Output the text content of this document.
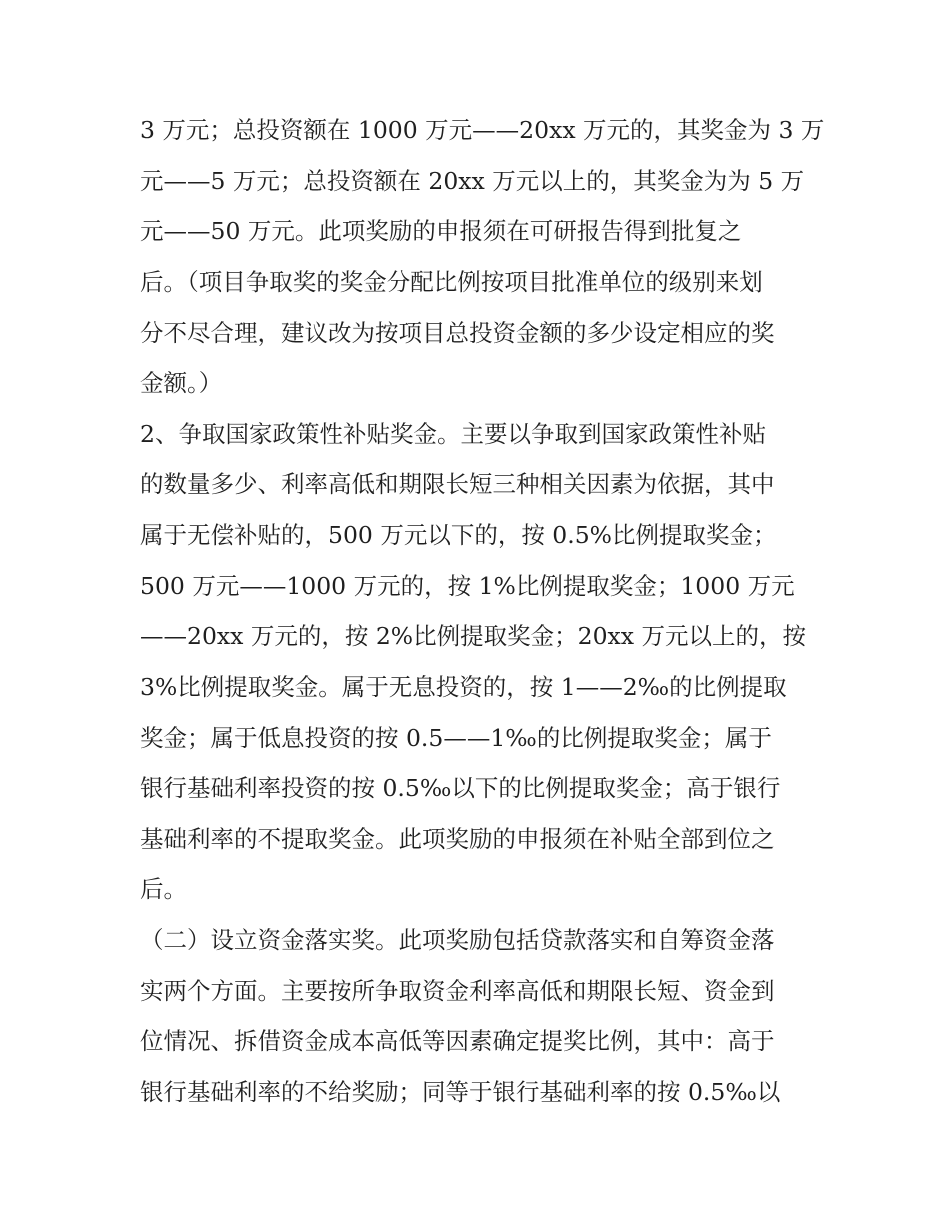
3 万元；总投资额在 1000 万元——20xx 万元的，其奖金为 3 万
元——5 万元；总投资额在 20xx 万元以上的，其奖金为为 5 万
元——50 万元。此项奖励的申报须在可研报告得到批复之
后。（项目争取奖的奖金分配比例按项目批准单位的级别来划
分不尽合理，建议改为按项目总投资金额的多少设定相应的奖
金额。）
2、争取国家政策性补贴奖金。主要以争取到国家政策性补贴
的数量多少、利率高低和期限长短三种相关因素为依据，其中
属于无偿补贴的，500 万元以下的，按 0.5%比例提取奖金；
500 万元——1000 万元的，按 1%比例提取奖金；1000 万元
——20xx 万元的，按 2%比例提取奖金；20xx 万元以上的，按
3%比例提取奖金。属于无息投资的，按 1——2‰的比例提取
奖金；属于低息投资的按 0.5——1‰的比例提取奖金；属于
银行基础利率投资的按 0.5‰以下的比例提取奖金；高于银行
基础利率的不提取奖金。此项奖励的申报须在补贴全部到位之
后。
（二）设立资金落实奖。此项奖励包括贷款落实和自筹资金落
实两个方面。主要按所争取资金利率高低和期限长短、资金到
位情况、拆借资金成本高低等因素确定提奖比例，其中：高于
银行基础利率的不给奖励；同等于银行基础利率的按 0.5‰以
